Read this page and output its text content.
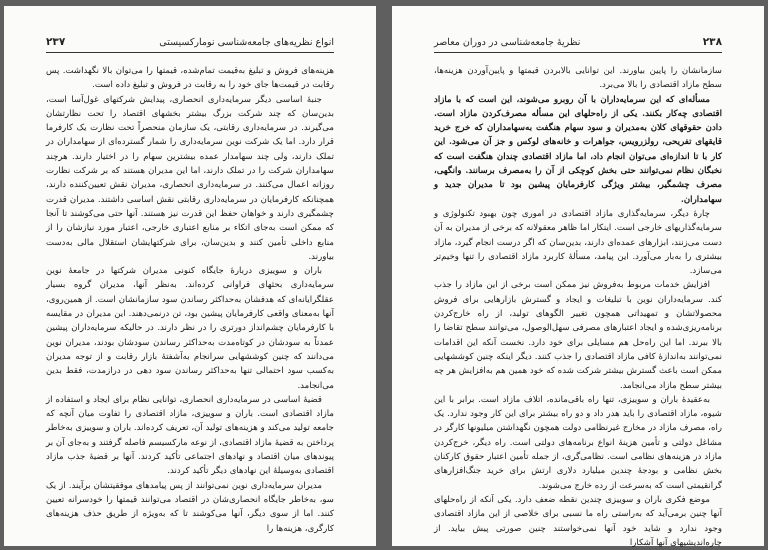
۲۳۷	انواع نظریه‌های جامعه‌شناسی نومارکسیستی

هزینه‌های فروش و تبلیغ به‌قیمت تمام‌شده، قیمتها را می‌توان بالا نگهداشت. پس رقابت در قیمت‌ها جای خود را به رقابت در فروش و تبلیغ داده است.

جنبهٔ اساسی دیگر سرمایه‌داری انحصاری، پیدایش شرکتهای غول‌آسا است، بدین‌سان که چند شرکت بزرگ بیشتر بخشهای اقتصاد را تحت نظارتشان می‌گیرند. در سرمایه‌داری رقابتی، یک سازمان منحصراً تحت نظارت یک کارفرما قرار دارد. اما یک شرکت نوین سرمایه‌داری را شمار گسترده‌ای از سهامداران در تملک دارند، ولی چند سهامدار عمده بیشترین سهام را در اختیار دارند. هرچند سهامداران شرکت را در تملک دارند، اما این مدیران هستند که بر شرکت نظارت روزانه اعمال می‌کنند. در سرمایه‌داری انحصاری، مدیران نقش تعیین‌کننده دارند، همچنانکه کارفرمایان در سرمایه‌داری رقابتی نقش اساسی داشتند. مدیران قدرت چشمگیری دارند و خواهان حفظ این قدرت نیز هستند. آنها حتی می‌کوشند تا آنجا که ممکن است به‌جای اتکاء بر منابع اعتباری خارجی، اعتبار مورد نیازشان را از منابع داخلی تأمین کنند و بدین‌سان، برای شرکتهایشان استقلال مالی به‌دست بیاورند.

باران و سوییزی دربارهٔ جایگاه کنونی مدیران شرکتها در جامعهٔ نوین سرمایه‌داری بحثهای فراوانی کرده‌اند. به‌نظر آنها، مدیران گروه بسیار عقلگرایانه‌ای که هدفشان به‌حداکثر رساندن سود سازمانشان است. از همین‌روی، آنها به‌معنای واقعی کارفرمایان پیشین بود، تن درنمی‌دهند. این مدیران در مقایسه با کارفرمایان چشم‌انداز دورتری را در نظر دارند. در حالیکه سرمایه‌داران پیشین عمدتاً به سودشان در کوتاه‌مدت به‌حداکثر رساندن سودشان بودند، مدیران نوین می‌دانند که چنین کوششهایی سرانجام به‌آشفتهٔ بازار رقابت و از توجه مدیران به‌کسب سود احتمالی تنها به‌حداکثر رساندن سود دهی در درازمدت، فقط بدین می‌انجامد.

قضیهٔ اساسی در سرمایه‌داری انحصاری، توانایی نظام برای ایجاد و استفاده از مازاد اقتصادی است. باران و سوییزی، مازاد اقتصادی را تفاوت میان آنچه که جامعه تولید می‌کند و هزینه‌های تولید آن، تعریف کرده‌اند. باران و سوییزی به‌خاطر پرداختن به قضیهٔ مازاد اقتصادی، از نوعه مارکسیسم فاصله گرفتند و به‌جای آن بر پیوندهای میان اقتصاد و نهادهای اجتماعی تأکید کردند. آنها بر قضیهٔ جذب مازاد اقتصادی به‌وسیلهٔ این نهادهای دیگر تأکید کردند.

مدیران سرمایه‌داری نوین نمی‌توانند از پس پیامدهای موفقیتشان برآیند. از یک سو، به‌خاطر جایگاه انحصاری‌شان در اقتصاد می‌توانند قیمتها را خودسرانه تعیین کنند. اما از سوی دیگر، آنها می‌کوشند تا که به‌ویژه از طریق حذف هزینه‌های کارگری، هزینه‌ها را

۲۳۸
نظریهٔ جامعه‌شناسی در دوران معاصر

سازمانشان را پایین بیاورند. این توانایی بالابردن قیمتها و پایین‌آوردن هزینه‌ها، سطح مازاد اقتصادی را بالا می‌برد.

مسأله‌ای که این سرمایه‌داران با آن روبرو می‌شوند، این است که با مازاد اقتصادی چه‌کار بکنند. یکی از راه‌حلهای این مسأله مصرف‌کردن مازاد است. دادن حقوقهای کلان به‌مدیران و سود سهام هنگفت به‌سهامداران که خرج خرید قایقهای تفریحی، رولزرویس، جواهرات و خانه‌های لوکس و جز آن می‌شود. این کار با تا اندازه‌ای می‌توان انجام داد، اما مازاد اقتصادی چندان هنگفت است که نخبگان نظام نمی‌توانند حتی بخش کوچکی از آن را به‌مصرف برسانند. وانگهی، مصرف چشمگیر، بیشتر ویژگی کارفرمایان پیشین بود تا مدیران جدید و سهامداران.

چارهٔ دیگر، سرمایه‌گذاری مازاد اقتصادی در اموری چون بهبود تکنولوژی و سرمایه‌گذاریهای خارجی است. اینکار اما ظاهر معقولانه که برخی از مدیران به آن دست می‌زنند، ابزارهای عمده‌ای دارند، بدین‌سان که اگر درست انجام گیرد، مازاد بیشتری را به‌بار می‌آورد. این پیامد، مسألهٔ کاربرد مازاد اقتصادی را تنها وخیم‌تر می‌سازد.

افزایش خدمات مربوط به‌فروش نیز ممکن است برخی از این مازاد را جذب کند. سرمایه‌داران نوین با تبلیغات و ایجاد و گسترش بازارهایی برای فروش محصولاتشان و تمهیداتی همچون تغییر الگوهای تولید، از راه خارج‌کردن برنامه‌ریزی‌شده و ایجاد اعتبارهای مصرفی سهل‌الوصول، می‌توانند سطح تقاضا را بالا ببرند. اما این راه‌حل هم مسایلی برای خود دارد. نخست آنکه این اقدامات نمی‌توانند به‌اندازهٔ کافی مازاد اقتصادی را جذب کنند. دیگر اینکه چنین کوششهایی ممکن است باعث گسترش بیشتر شرکت شده که خود همین هم به‌افزایش هر چه بیشتر سطح مازاد می‌انجامد.

به‌عقیدهٔ باران و سوییزی، تنها راه باقی‌مانده، اتلاف مازاد است. برابر با این شیوه، مازاد اقتصادی را باید هدر داد و دو راه بیشتر برای این کار وجود ندارد. یک راه، مصرف مازاد در مخارج غیرنظامی دولت همچون نگهداشتن میلیونها کارگر در مشاغل دولتی و تأمین هزینهٔ انواع برنامه‌های دولتی است. راه دیگر، خرج‌کردن مازاد در هزینه‌های نظامی است. نظامی‌گری، از جمله تأمین اعتبار حقوق کارکنان بخش نظامی و بودجهٔ چندین میلیارد دلاری ارتش برای خرید جنگ‌افزارهای گرانقیمتی است که به‌سرعت از رده خارج می‌شوند.

موضع فکری باران و سوییزی چندین نقطه ضعف دارد. یکی آنکه از راه‌حلهای آنها چنین برمی‌آید که به‌راستی راه ما نسبی برای خلاصی از این مازاد اقتصادی وجود ندارد و شاید خود آنها نمی‌خواستند چنین صورتی پیش بیاید. از چاره‌اندیشیهای آنها آشکارا
